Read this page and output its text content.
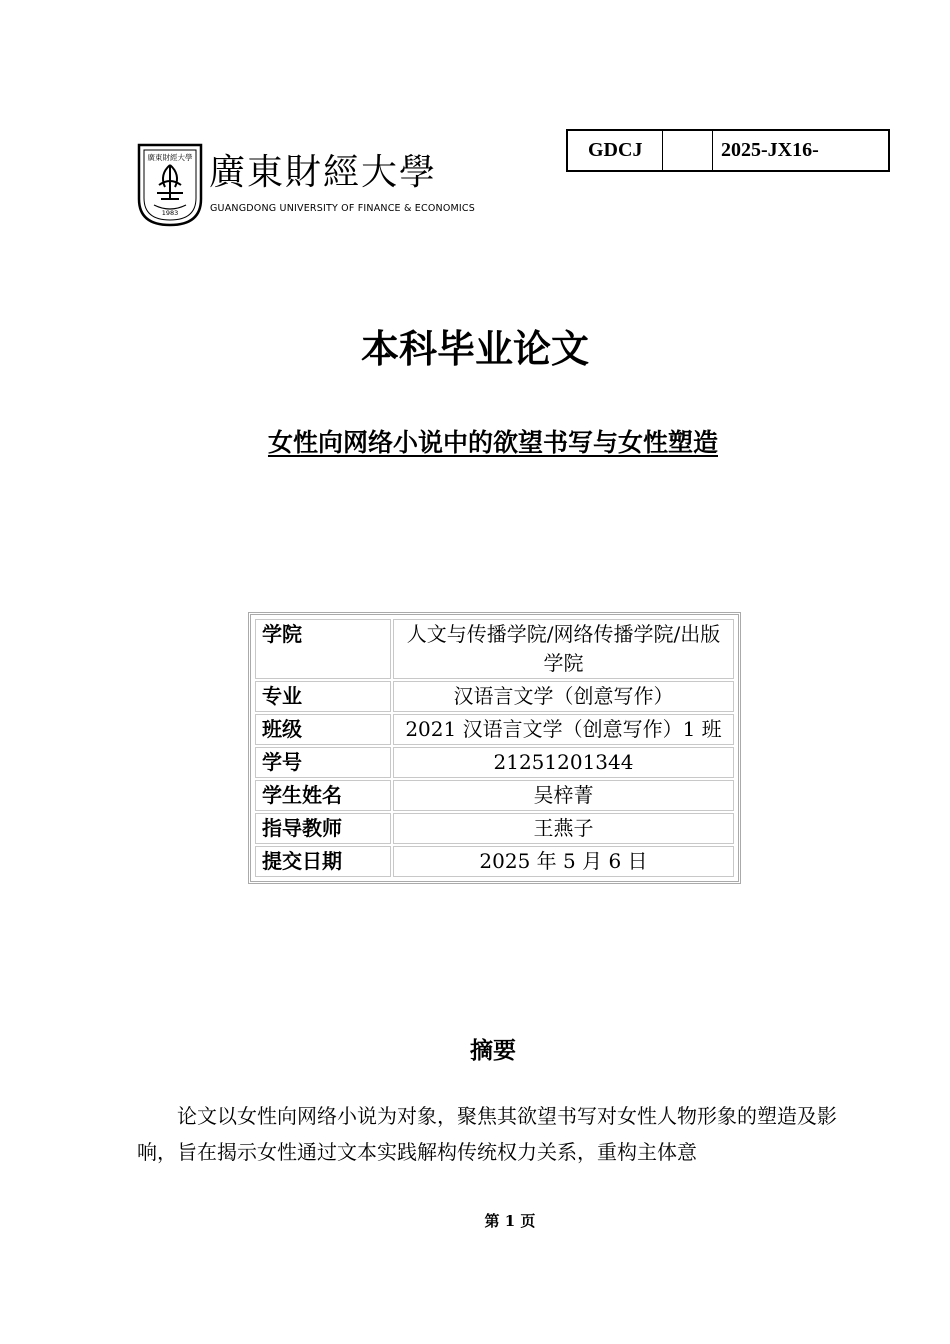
廣東財經大學
1983
廣東財經大學
GUANGDONG UNIVERSITY OF FINANCE & ECONOMICS
GDCJ	2025-JX16-
本科毕业论文
女性向网络小说中的欲望书写与女性塑造
学院	人文与传播学院/网络传播学院/出版学院
专业	汉语言文学（创意写作）
班级	2021 汉语言文学（创意写作）1 班
学号	21251201344
学生姓名	吴梓菁
指导教师	王燕子
提交日期	2025 年 5 月 6 日
摘要

论文以女性向网络小说为对象，聚焦其欲望书写对女性人物形象的塑造及影响，旨在揭示女性通过文本实践解构传统权力关系，重构主体意

第 1 页
